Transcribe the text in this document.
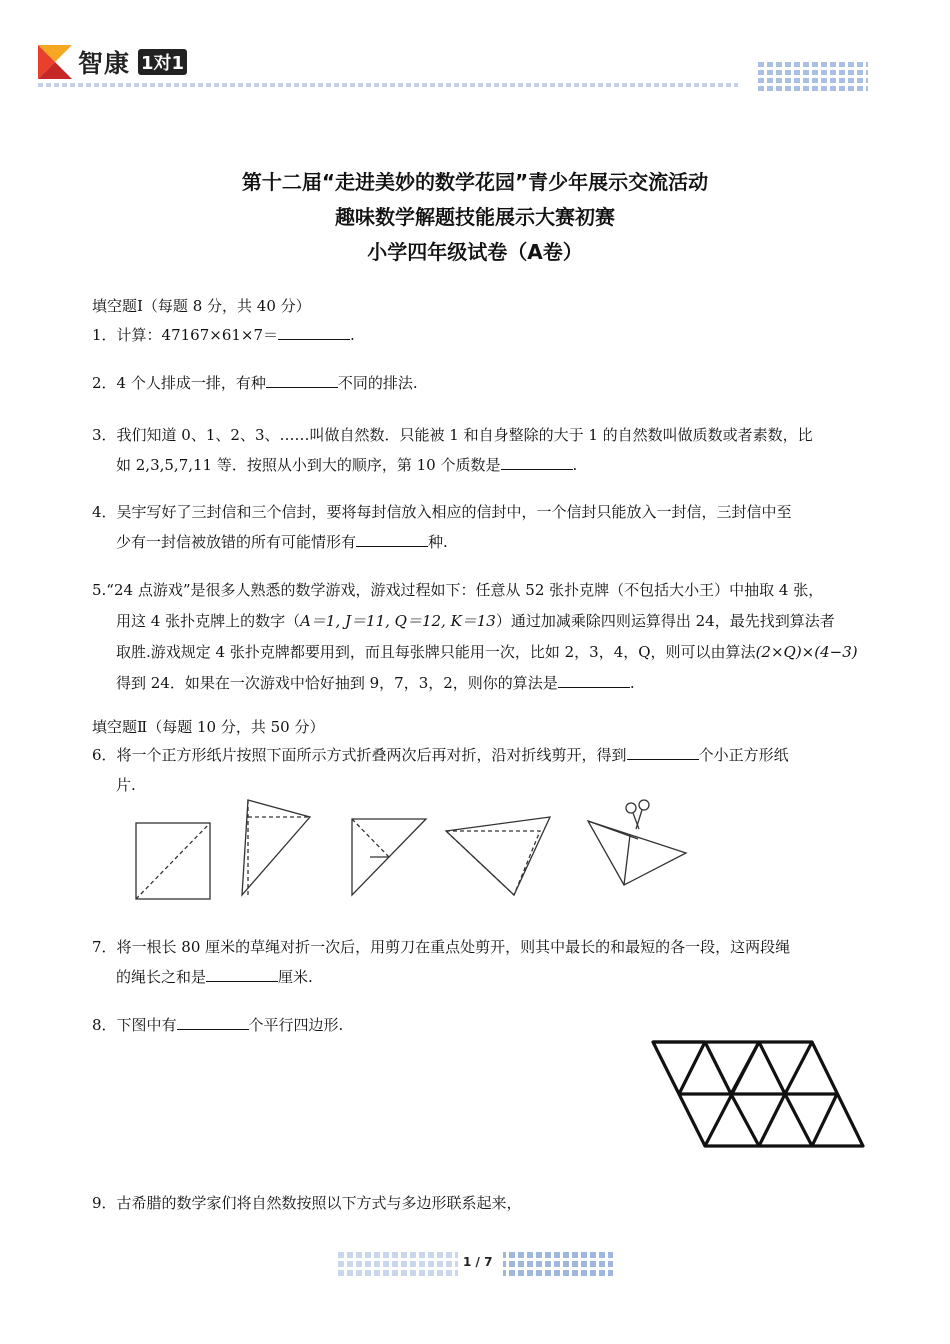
智康 1对1
第十二届“走进美妙的数学花园”青少年展示交流活动
趣味数学解题技能展示大赛初赛
小学四年级试卷（A卷）
填空题Ⅰ（每题 8 分，共 40 分）
1．计算：47167×61×7＝	.
2．4 个人排成一排，有种	不同的排法.
3．我们知道 0、1、2、3、……叫做自然数．只能被 1 和自身整除的大于 1 的自然数叫做质数或者素数，比
如 2,3,5,7,11 等．按照从小到大的顺序，第 10 个质数是	.
4．吴宇写好了三封信和三个信封，要将每封信放入相应的信封中，一个信封只能放入一封信，三封信中至
少有一封信被放错的所有可能情形有	种.
5.“24 点游戏”是很多人熟悉的数学游戏，游戏过程如下：任意从 52 张扑克牌（不包括大小王）中抽取 4 张，
用这 4 张扑克牌上的数字（A＝1, J＝11, Q＝12, K＝13）通过加减乘除四则运算得出 24，最先找到算法者
取胜.游戏规定 4 张扑克牌都要用到，而且每张牌只能用一次，比如 2，3，4，Q，则可以由算法(2×Q)×(4−3)
得到 24．如果在一次游戏中恰好抽到 9，7，3，2，则你的算法是	.
填空题Ⅱ（每题 10 分，共 50 分）
6．将一个正方形纸片按照下面所示方式折叠两次后再对折，沿对折线剪开，得到	个小正方形纸
片.
7．将一根长 80 厘米的草绳对折一次后，用剪刀在重点处剪开，则其中最长的和最短的各一段，这两段绳
的绳长之和是	厘米.
8．下图中有	个平行四边形.
9．古希腊的数学家们将自然数按照以下方式与多边形联系起来，
1 / 7
